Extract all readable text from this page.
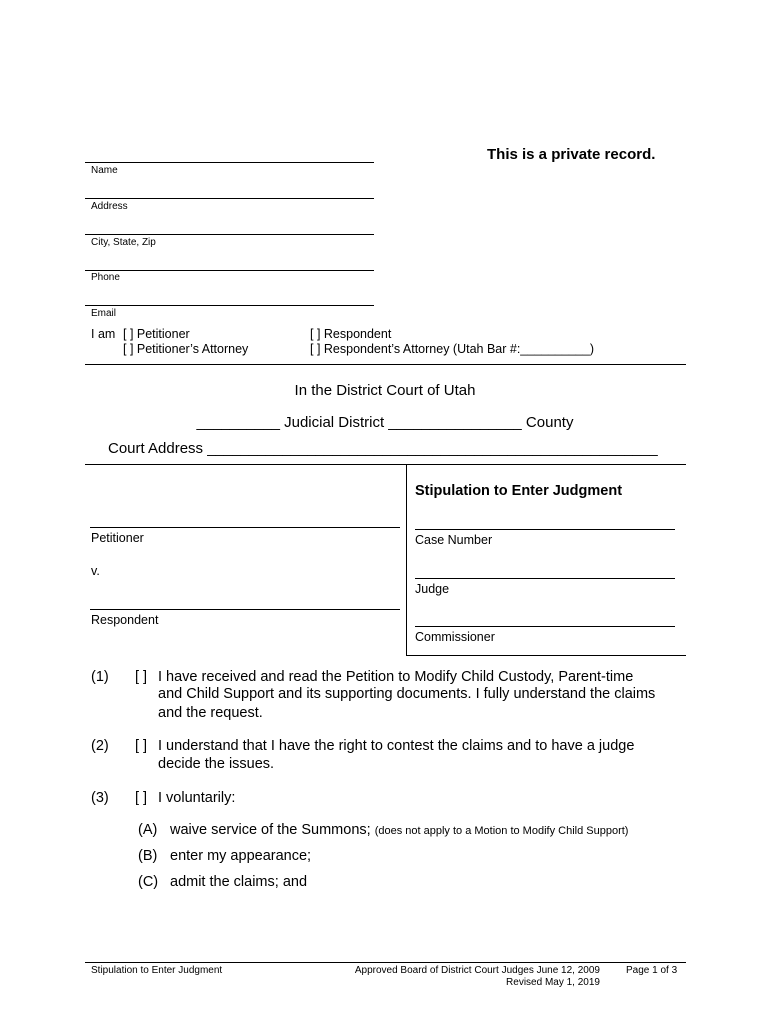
This is a private record.
Name
Address
City, State, Zip
Phone
Email
I am [ ] Petitioner
[ ] Petitioner’s Attorney
[ ] Respondent
[ ] Respondent’s Attorney (Utah Bar #:__________)
In the District Court of Utah
__________ Judicial District ________________ County
Court Address ______________________________________________________
Stipulation to Enter Judgment
Petitioner
v.
Respondent
Case Number
Judge
Commissioner
(1) [ ] I have received and read the Petition to Modify Child Custody, Parent-time
and Child Support and its supporting documents. I fully understand the claims
and the request.
(2) [ ] I understand that I have the right to contest the claims and to have a judge
decide the issues.
(3) [ ] I voluntarily:
(A) waive service of the Summons; (does not apply to a Motion to Modify Child Support)
(B) enter my appearance;
(C) admit the claims; and
Stipulation to Enter Judgment	Approved Board of District Court Judges June 12, 2009
Revised May 1, 2019
Page 1 of 3
